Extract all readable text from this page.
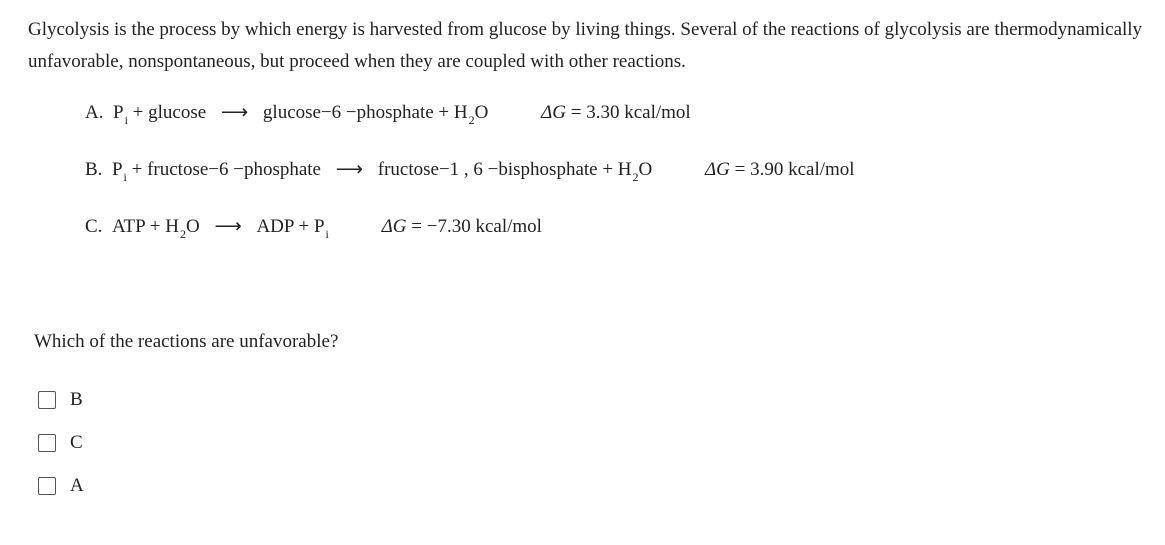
Glycolysis is the process by which energy is harvested from glucose by living things. Several of the reactions of glycolysis are thermodynamically unfavorable, nonspontaneous, but proceed when they are coupled with other reactions.
A. Pi + glucose ⟶ glucose−6 −phosphate + H2O	ΔG = 3.30 kcal/mol
B. Pi + fructose−6 −phosphate ⟶ fructose−1 , 6 −bisphosphate + H2O	ΔG = 3.90 kcal/mol
C. ATP + H2O ⟶ ADP + Pi	ΔG = −7.30 kcal/mol
Which of the reactions are unfavorable?
B
C
A
